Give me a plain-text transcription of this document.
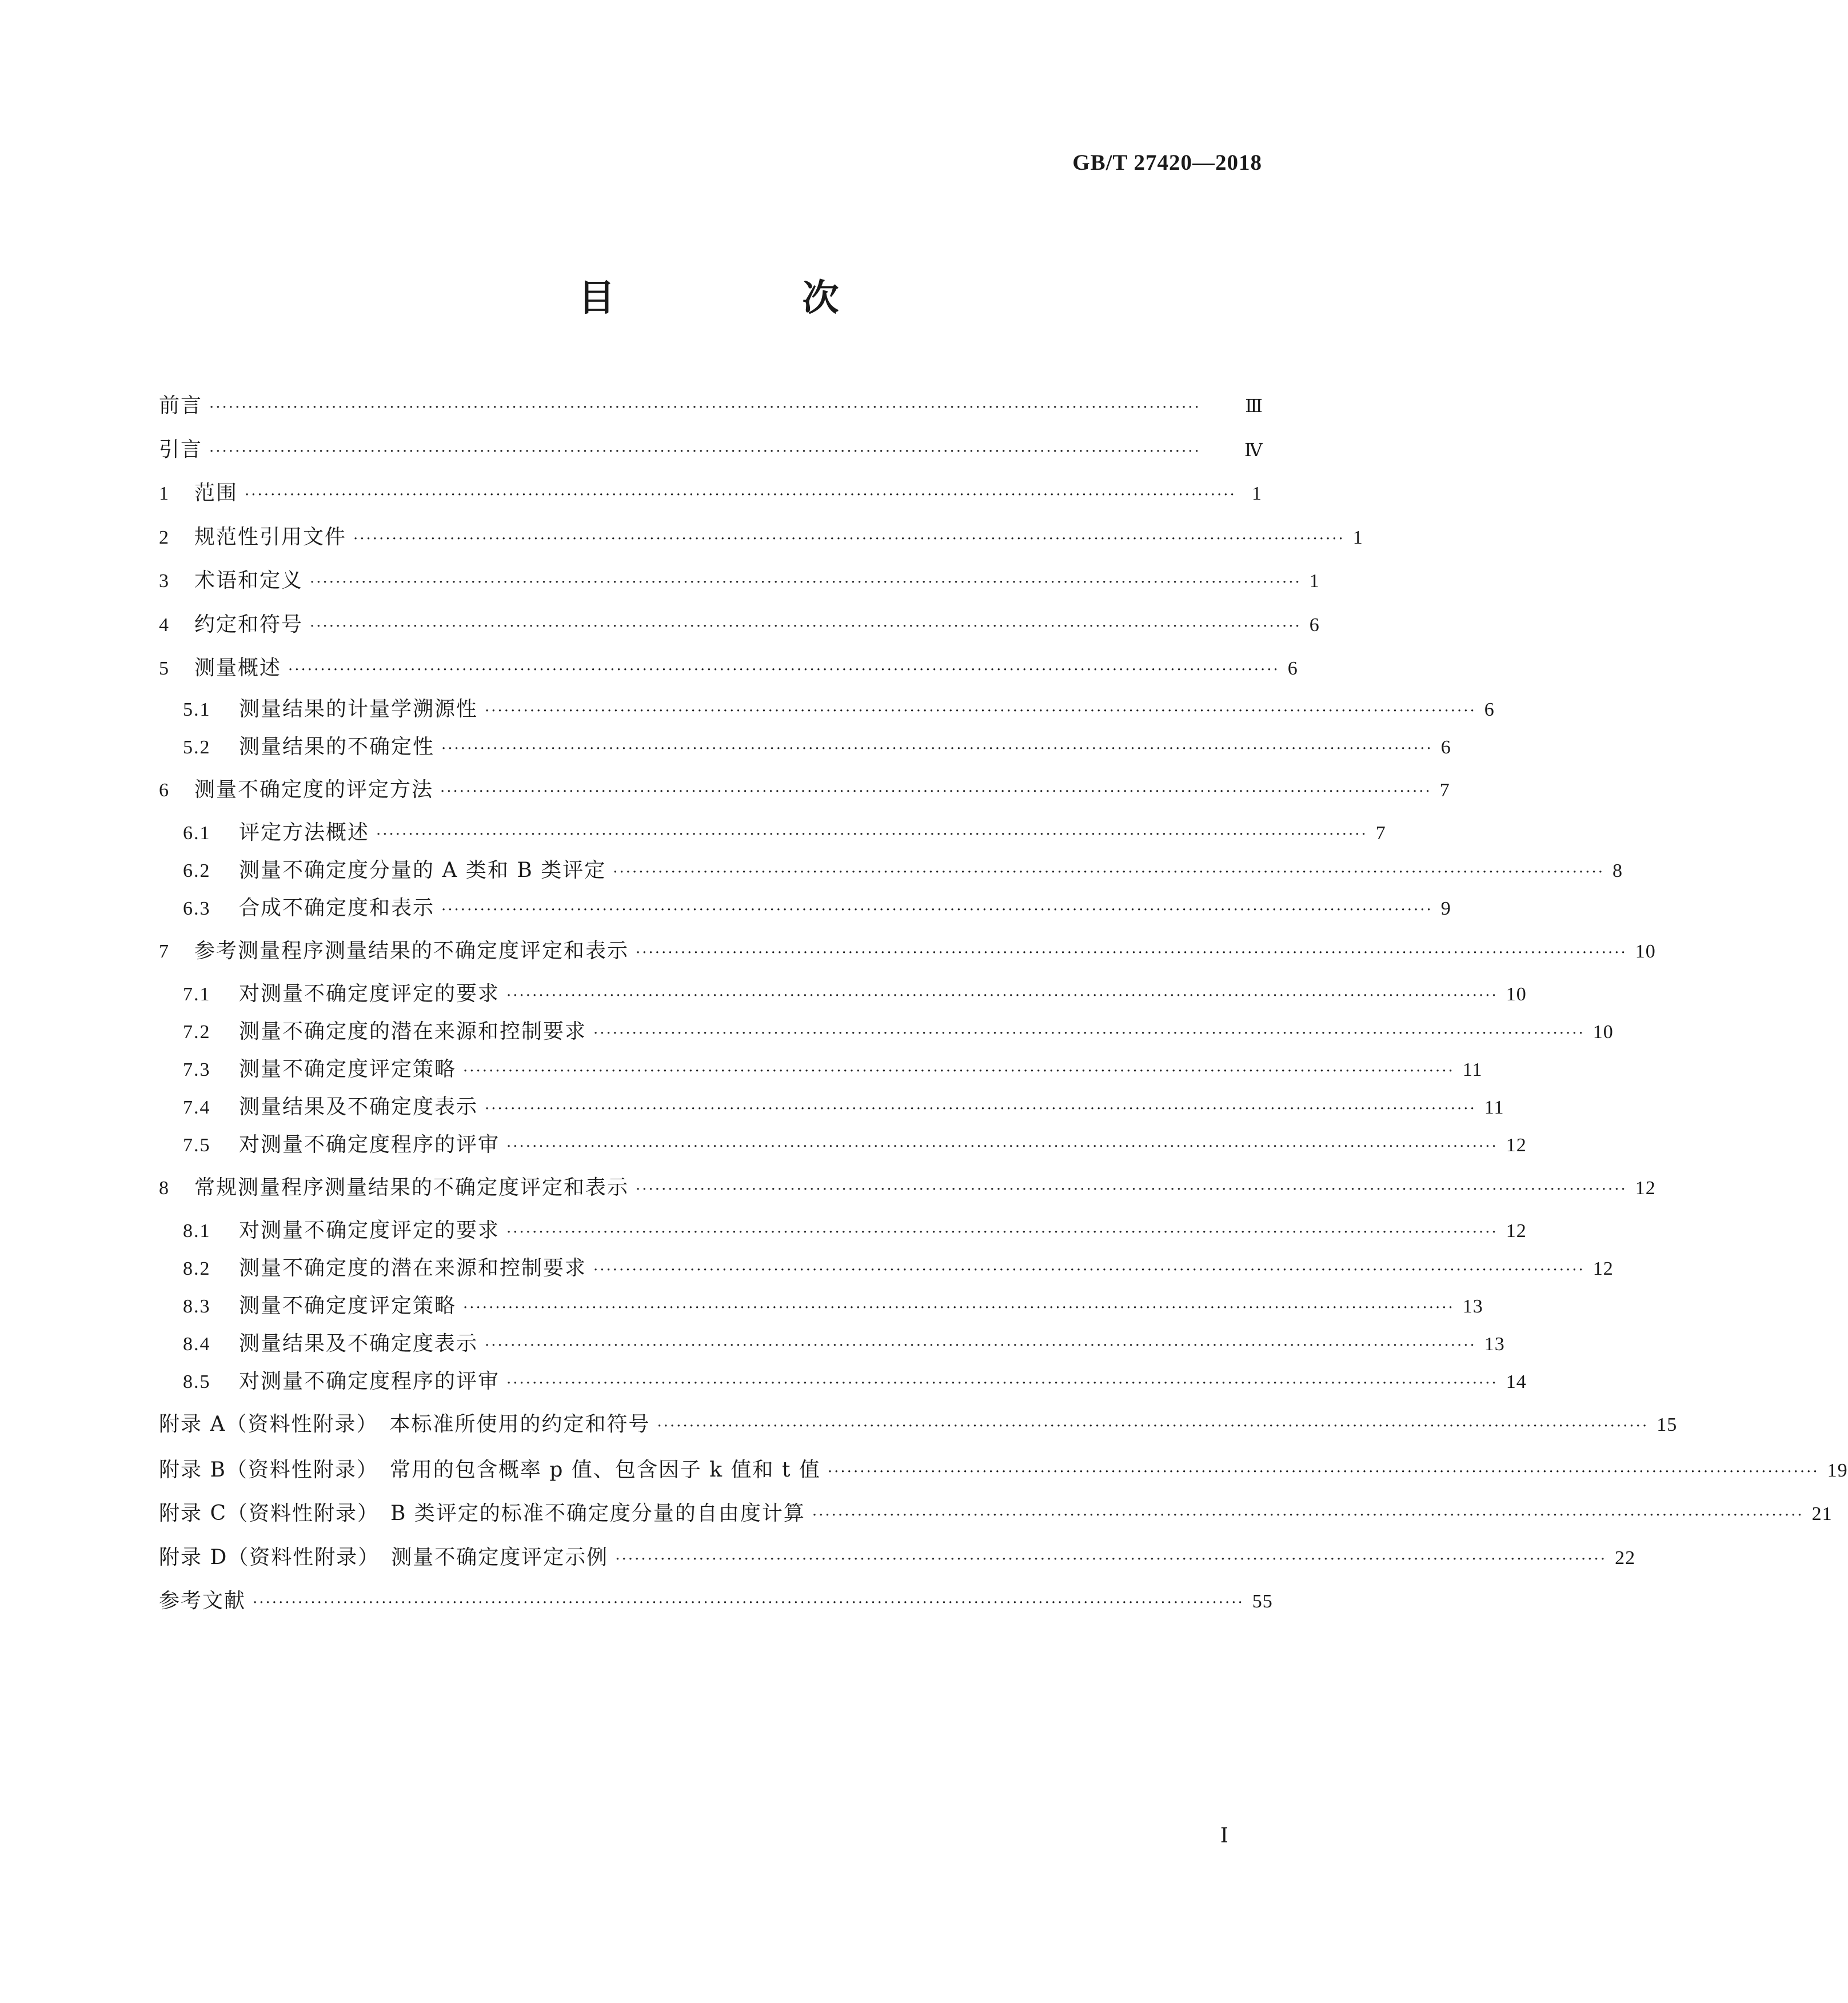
GB/T 27420—2018
目　次
前言 ··························································································································································	Ⅲ
引言 ··························································································································································	Ⅳ
1	范围 ·························································································································································· 1
2	规范性引用文件 ·························································································································································· 1
3	术语和定义 ·························································································································································· 1
4	约定和符号 ·························································································································································· 6
5	测量概述 ·························································································································································· 6
5.1	测量结果的计量学溯源性 ·························································································································································· 6
5.2	测量结果的不确定性 ·························································································································································· 6
6	测量不确定度的评定方法 ·························································································································································· 7
6.1	评定方法概述 ·························································································································································· 7
6.2	测量不确定度分量的 A 类和 B 类评定 ·························································································································································· 8
6.3	合成不确定度和表示 ·························································································································································· 9
7	参考测量程序测量结果的不确定度评定和表示 ·························································································································································· 10
7.1	对测量不确定度评定的要求 ·························································································································································· 10
7.2	测量不确定度的潜在来源和控制要求 ·························································································································································· 10
7.3	测量不确定度评定策略 ·························································································································································· 11
7.4	测量结果及不确定度表示 ·························································································································································· 11
7.5	对测量不确定度程序的评审 ·························································································································································· 12
8	常规测量程序测量结果的不确定度评定和表示 ·························································································································································· 12
8.1	对测量不确定度评定的要求 ·························································································································································· 12
8.2	测量不确定度的潜在来源和控制要求 ·························································································································································· 12
8.3	测量不确定度评定策略 ·························································································································································· 13
8.4	测量结果及不确定度表示 ·························································································································································· 13
8.5	对测量不确定度程序的评审 ·························································································································································· 14
附录 A（资料性附录）　本标准所使用的约定和符号 ·························································································································································· 15
附录 B（资料性附录）　常用的包含概率 p 值、包含因子 k 值和 t 值 ·························································································································································· 19
附录 C（资料性附录）　B 类评定的标准不确定度分量的自由度计算 ·························································································································································· 21
附录 D（资料性附录）　测量不确定度评定示例 ·························································································································································· 22
参考文献 ·························································································································································· 55
Ⅰ
